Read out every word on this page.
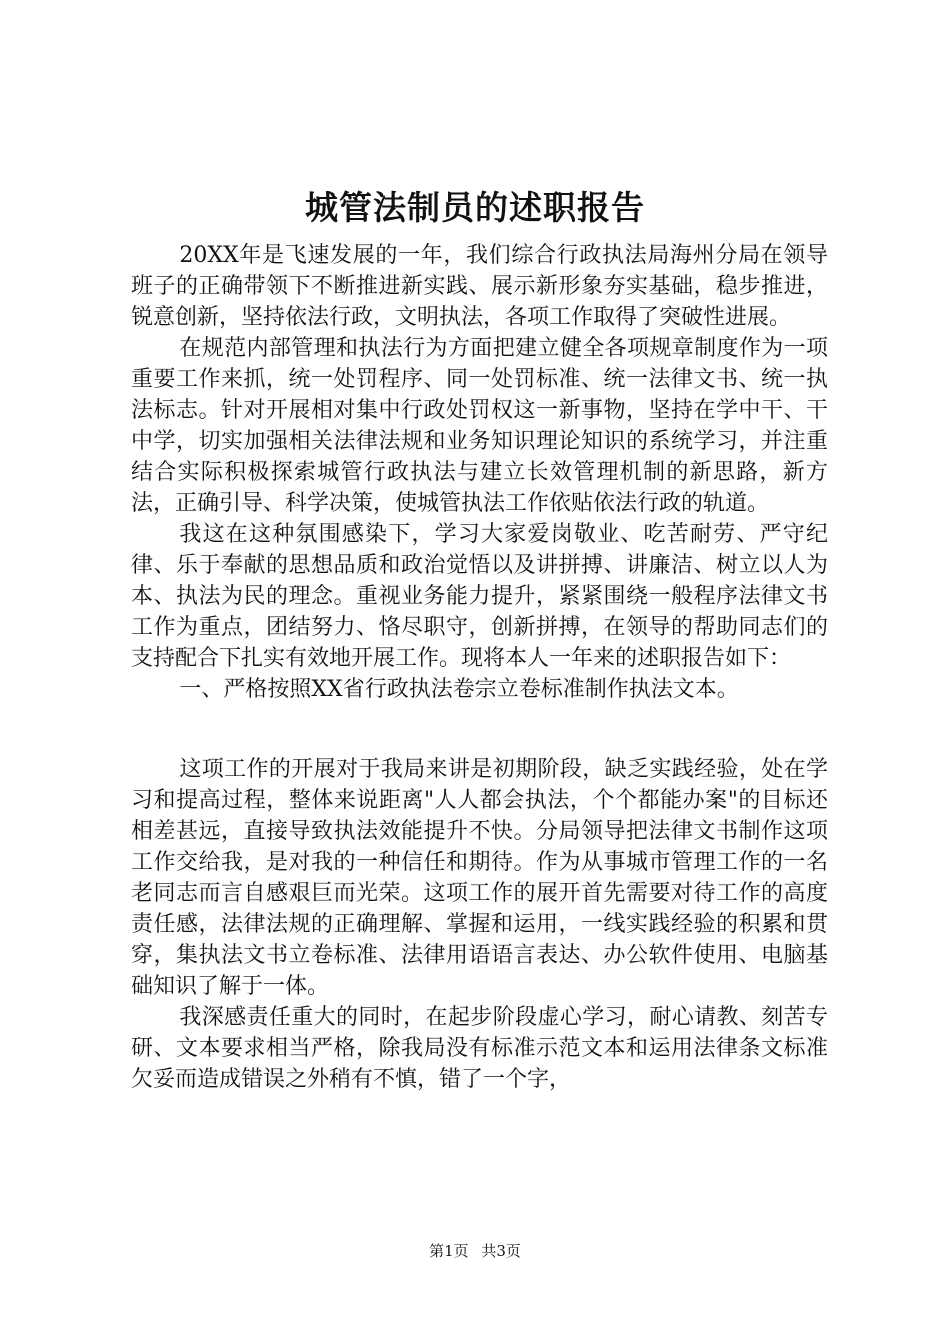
城管法制员的述职报告

20XX年是飞速发展的一年，我们综合行政执法局海州分局在领导班子的正确带领下不断推进新实践、展示新形象夯实基础，稳步推进，锐意创新，坚持依法行政，文明执法，各项工作取得了突破性进展。

在规范内部管理和执法行为方面把建立健全各项规章制度作为一项重要工作来抓，统一处罚程序、同一处罚标准、统一法律文书、统一执法标志。针对开展相对集中行政处罚权这一新事物，坚持在学中干、干中学，切实加强相关法律法规和业务知识理论知识的系统学习，并注重结合实际积极探索城管行政执法与建立长效管理机制的新思路，新方法，正确引导、科学决策，使城管执法工作依贴依法行政的轨道。

我这在这种氛围感染下，学习大家爱岗敬业、吃苦耐劳、严守纪律、乐于奉献的思想品质和政治觉悟以及讲拼搏、讲廉洁、树立以人为本、执法为民的理念。重视业务能力提升，紧紧围绕一般程序法律文书工作为重点，团结努力、恪尽职守，创新拼搏，在领导的帮助同志们的支持配合下扎实有效地开展工作。现将本人一年来的述职报告如下：

一、严格按照XX省行政执法卷宗立卷标准制作执法文本。

这项工作的开展对于我局来讲是初期阶段，缺乏实践经验，处在学习和提高过程，整体来说距离"人人都会执法，个个都能办案"的目标还相差甚远，直接导致执法效能提升不快。分局领导把法律文书制作这项工作交给我，是对我的一种信任和期待。作为从事城市管理工作的一名老同志而言自感艰巨而光荣。这项工作的展开首先需要对待工作的高度责任感，法律法规的正确理解、掌握和运用，一线实践经验的积累和贯穿，集执法文书立卷标准、法律用语语言表达、办公软件使用、电脑基础知识了解于一体。

我深感责任重大的同时，在起步阶段虚心学习，耐心请教、刻苦专研、文本要求相当严格，除我局没有标准示范文本和运用法律条文标准欠妥而造成错误之外稍有不慎，错了一个字，

第1页 共3页
